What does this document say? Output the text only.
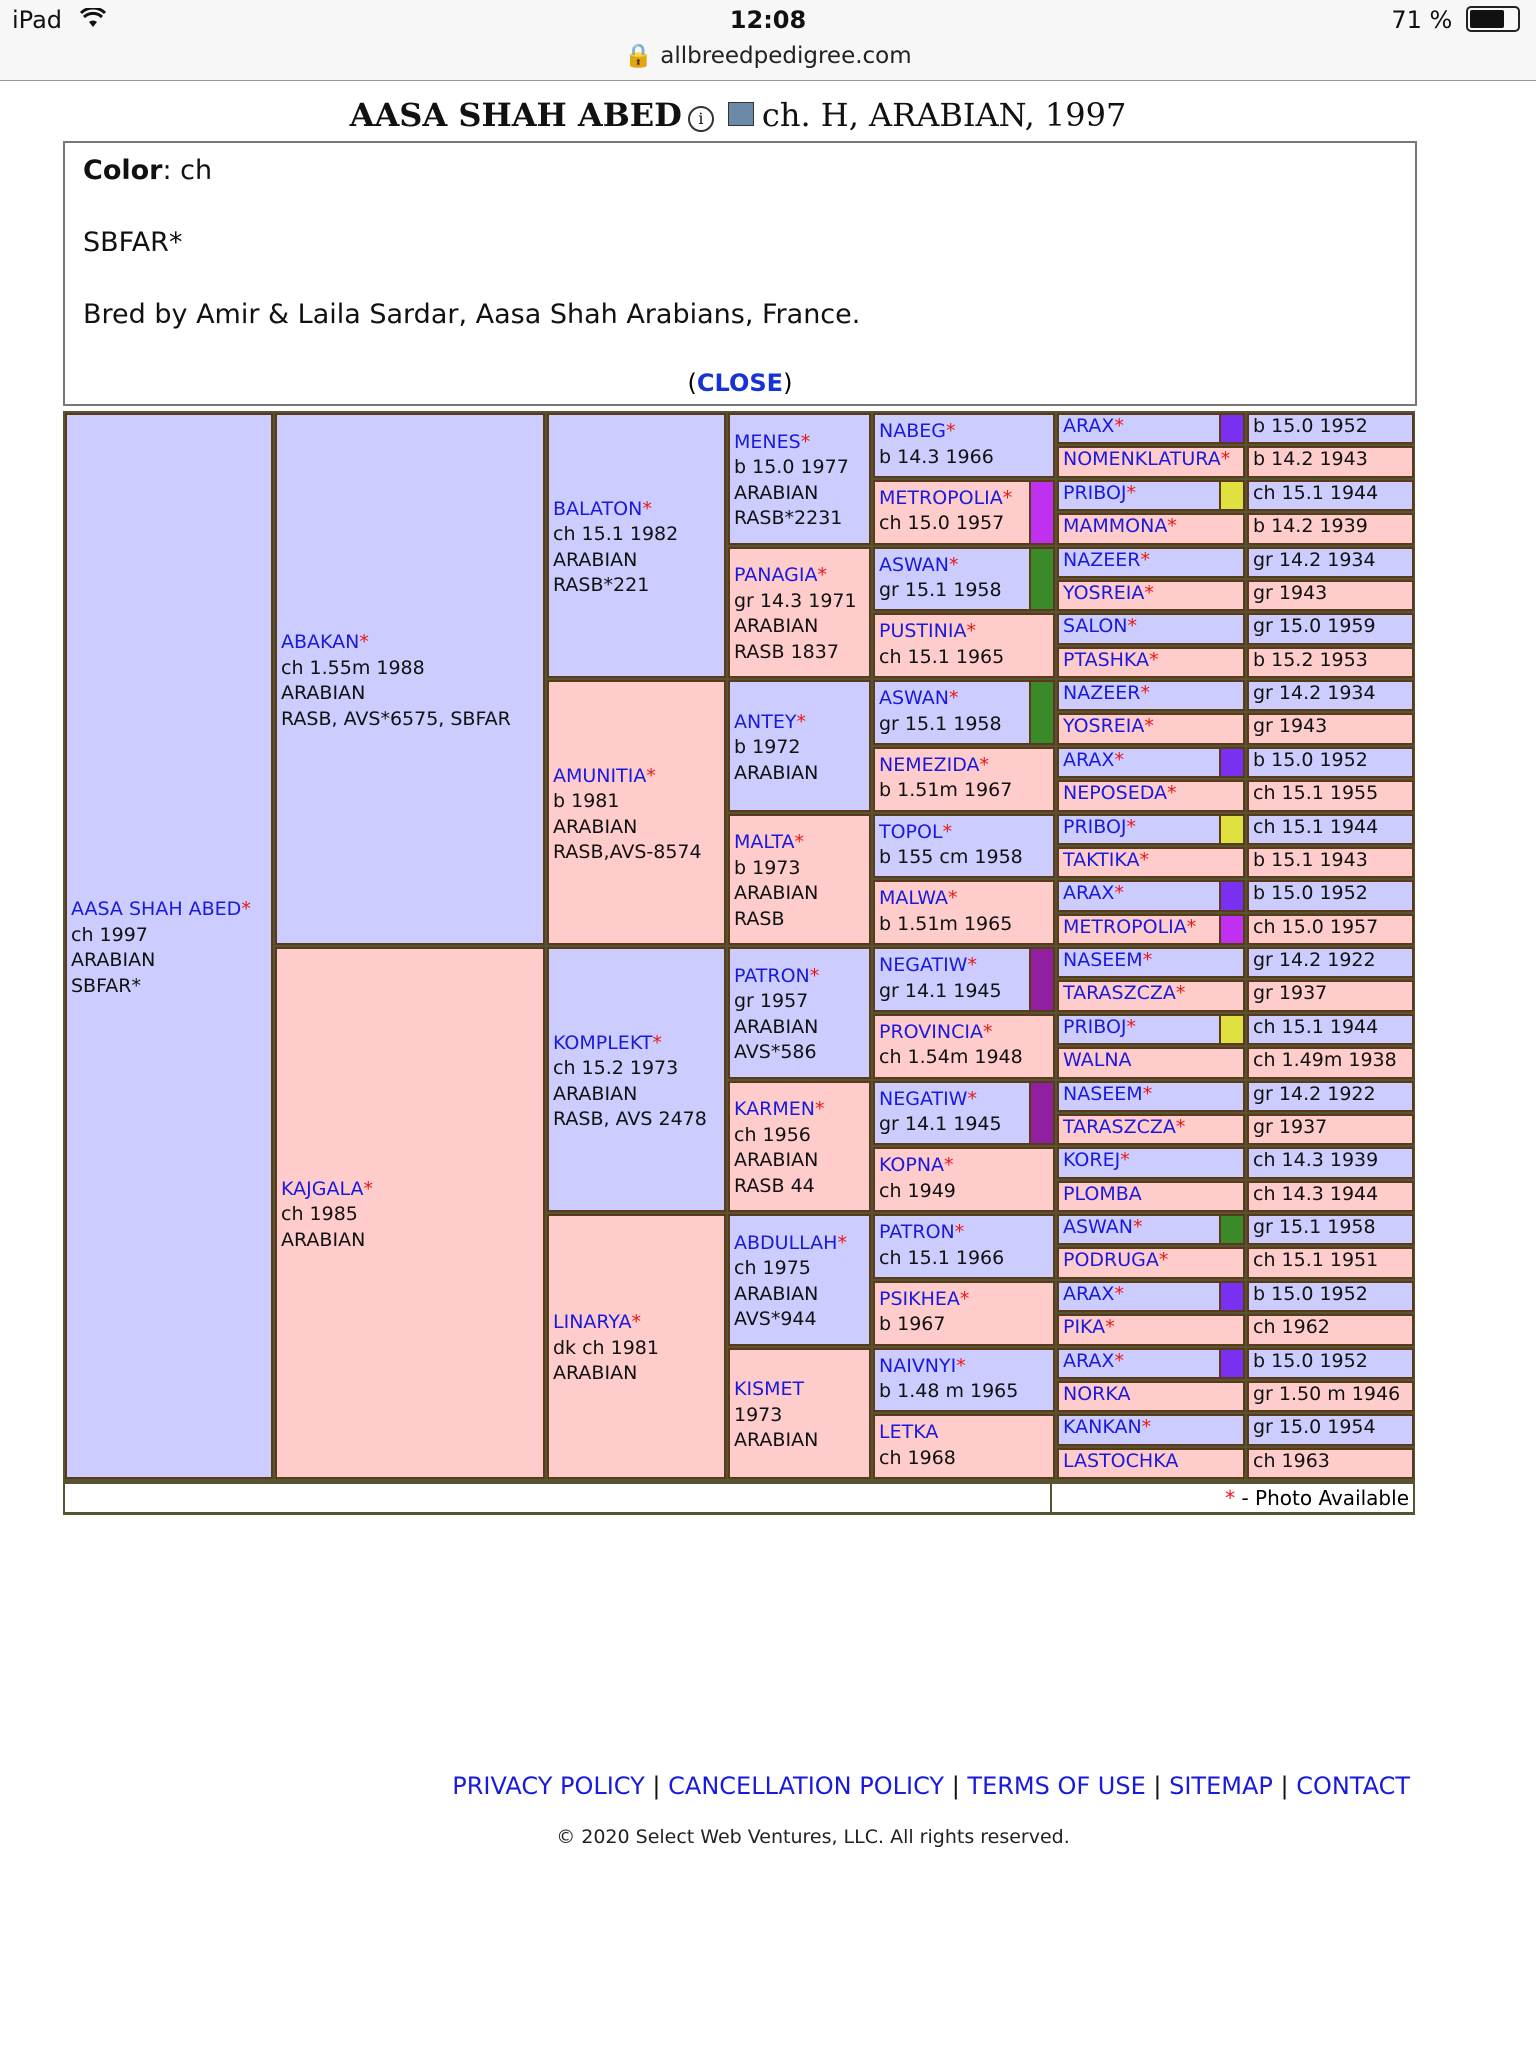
iPad	12:08
🔒 allbreedpedigree.com
71 %
AASA SHAH ABED i ch. H, ARABIAN, 1997

Color: ch

SBFAR*

Bred by Amir & Laila Sardar, Aasa Shah Arabians, France.

(CLOSE)
AASA SHAH ABED*
ch 1997
ARABIAN
SBFAR*
ABAKAN*
ch 1.55m 1988
ARABIAN
RASB, AVS*6575, SBFAR
KAJGALA*
ch 1985
ARABIAN
BALATON*
ch 15.1 1982
ARABIAN
RASB*221
AMUNITIA*
b 1981
ARABIAN
RASB,AVS-8574
KOMPLEKT*
ch 15.2 1973
ARABIAN
RASB, AVS 2478
LINARYA*
dk ch 1981
ARABIAN
MENES*
b 15.0 1977
ARABIAN
RASB*2231
PANAGIA*
gr 14.3 1971
ARABIAN
RASB 1837
ANTEY*
b 1972
ARABIAN
MALTA*
b 1973
ARABIAN
RASB
PATRON*
gr 1957
ARABIAN
AVS*586
KARMEN*
ch 1956
ARABIAN
RASB 44
ABDULLAH*
ch 1975
ARABIAN
AVS*944
KISMET
1973
ARABIAN
NABEG*
b 14.3 1966
METROPOLIA*
ch 15.0 1957
ASWAN*
gr 15.1 1958
PUSTINIA*
ch 15.1 1965
ASWAN*
gr 15.1 1958
NEMEZIDA*
b 1.51m 1967
TOPOL*
b 155 cm 1958
MALWA*
b 1.51m 1965
NEGATIW*
gr 14.1 1945
PROVINCIA*
ch 1.54m 1948
NEGATIW*
gr 14.1 1945
KOPNA*
ch 1949
PATRON*
ch 15.1 1966
PSIKHEA*
b 1967
NAIVNYI*
b 1.48 m 1965
LETKA
ch 1968
ARAX*	b 15.0 1952
NOMENKLATURA*	b 14.2 1943
PRIBOJ*	ch 15.1 1944
MAMMONA*	b 14.2 1939
NAZEER*	gr 14.2 1934
YOSREIA*	gr 1943
SALON*	gr 15.0 1959
PTASHKA*	b 15.2 1953
NAZEER*	gr 14.2 1934
YOSREIA*	gr 1943
ARAX*	b 15.0 1952
NEPOSEDA*	ch 15.1 1955
PRIBOJ*	ch 15.1 1944
TAKTIKA*	b 15.1 1943
ARAX*	b 15.0 1952
METROPOLIA*	ch 15.0 1957
NASEEM*	gr 14.2 1922
TARASZCZA*	gr 1937
PRIBOJ*	ch 15.1 1944
WALNA	ch 1.49m 1938
NASEEM*	gr 14.2 1922
TARASZCZA*	gr 1937
KOREJ*	ch 14.3 1939
PLOMBA	ch 14.3 1944
ASWAN*	gr 15.1 1958
PODRUGA*	ch 15.1 1951
ARAX*	b 15.0 1952
PIKA*	ch 1962
ARAX*	b 15.0 1952
NORKA	gr 1.50 m 1946
KANKAN*	gr 15.0 1954
LASTOCHKA	ch 1963
* - Photo Available
PRIVACY POLICY | CANCELLATION POLICY | TERMS OF USE | SITEMAP | CONTACT
© 2020 Select Web Ventures, LLC. All rights reserved.
